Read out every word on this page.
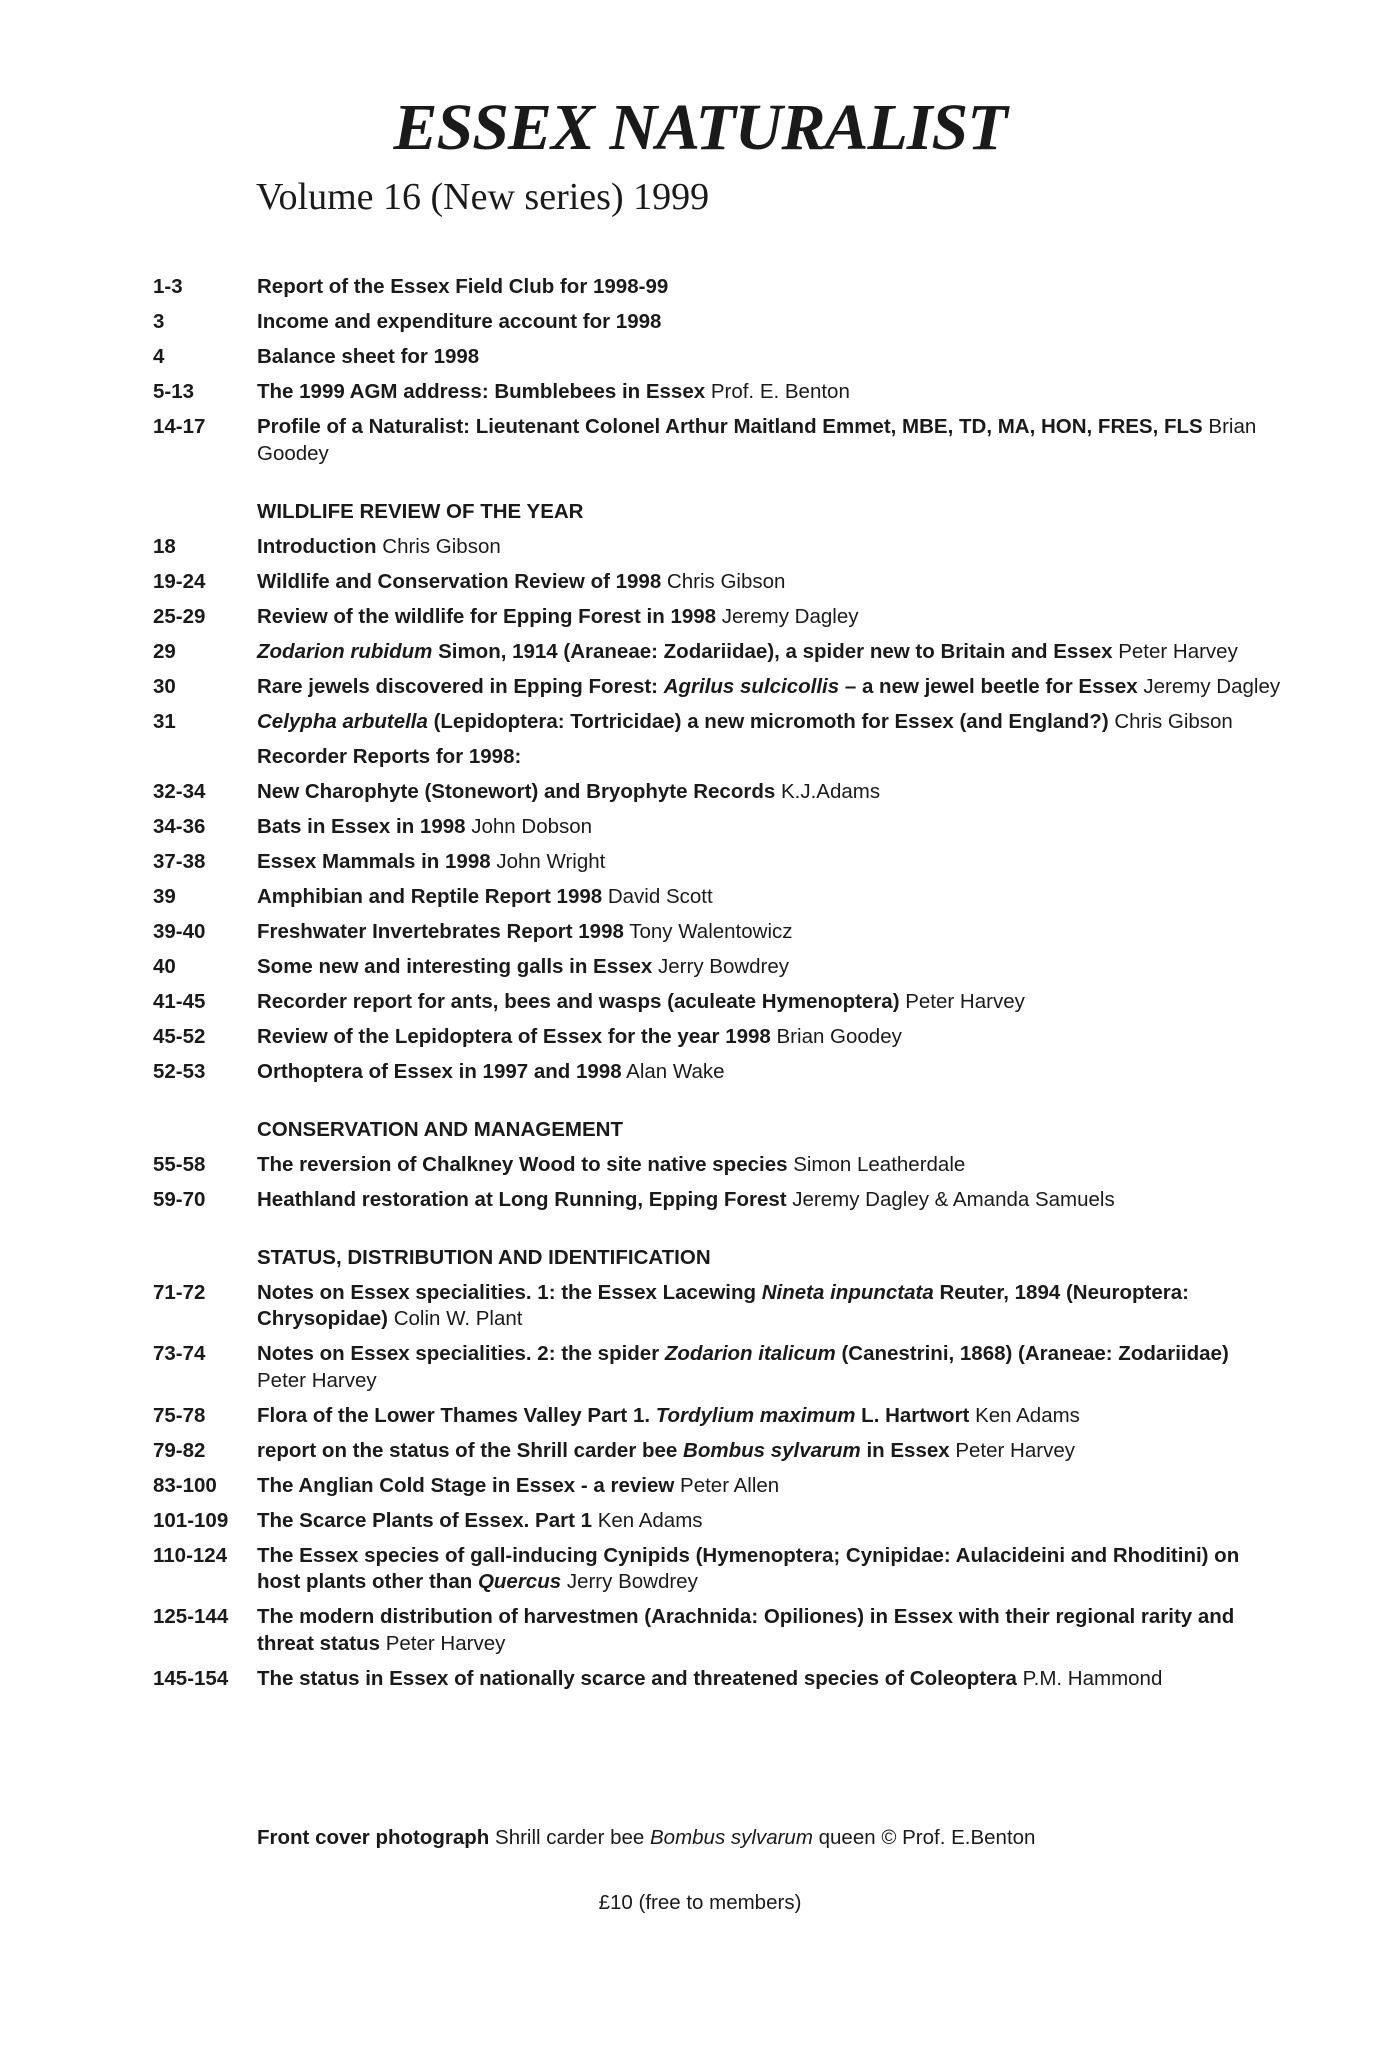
ESSEX NATURALIST
Volume 16 (New series) 1999
1-3	Report of the Essex Field Club for 1998-99
3	Income and expenditure account for 1998
4	Balance sheet for 1998
5-13	The 1999 AGM address: Bumblebees in Essex Prof. E. Benton
14-17	Profile of a Naturalist: Lieutenant Colonel Arthur Maitland Emmet, MBE, TD, MA, HON, FRES, FLS Brian Goodey
WILDLIFE REVIEW OF THE YEAR
18	Introduction Chris Gibson
19-24	Wildlife and Conservation Review of 1998 Chris Gibson
25-29	Review of the wildlife for Epping Forest in 1998 Jeremy Dagley
29	Zodarion rubidum Simon, 1914 (Araneae: Zodariidae), a spider new to Britain and Essex Peter Harvey
30	Rare jewels discovered in Epping Forest: Agrilus sulcicollis – a new jewel beetle for Essex Jeremy Dagley
31	Celypha arbutella (Lepidoptera: Tortricidae) a new micromoth for Essex (and England?) Chris Gibson
Recorder Reports for 1998:
32-34	New Charophyte (Stonewort) and Bryophyte Records K.J.Adams
34-36	Bats in Essex in 1998 John Dobson
37-38	Essex Mammals in 1998 John Wright
39	Amphibian and Reptile Report 1998 David Scott
39-40	Freshwater Invertebrates Report 1998 Tony Walentowicz
40	Some new and interesting galls in Essex Jerry Bowdrey
41-45	Recorder report for ants, bees and wasps (aculeate Hymenoptera) Peter Harvey
45-52	Review of the Lepidoptera of Essex for the year 1998 Brian Goodey
52-53	Orthoptera of Essex in 1997 and 1998 Alan Wake
CONSERVATION AND MANAGEMENT
55-58	The reversion of Chalkney Wood to site native species Simon Leatherdale
59-70	Heathland restoration at Long Running, Epping Forest Jeremy Dagley & Amanda Samuels
STATUS, DISTRIBUTION AND IDENTIFICATION
71-72	Notes on Essex specialities. 1: the Essex Lacewing Nineta inpunctata Reuter, 1894 (Neuroptera: Chrysopidae) Colin W. Plant
73-74	Notes on Essex specialities. 2: the spider Zodarion italicum (Canestrini, 1868) (Araneae: Zodariidae) Peter Harvey
75-78	Flora of the Lower Thames Valley Part 1. Tordylium maximum L. Hartwort Ken Adams
79-82	report on the status of the Shrill carder bee Bombus sylvarum in Essex Peter Harvey
83-100	The Anglian Cold Stage in Essex - a review Peter Allen
101-109	The Scarce Plants of Essex. Part 1 Ken Adams
110-124	The Essex species of gall-inducing Cynipids (Hymenoptera; Cynipidae: Aulacideini and Rhoditini) on host plants other than Quercus Jerry Bowdrey
125-144	The modern distribution of harvestmen (Arachnida: Opiliones) in Essex with their regional rarity and threat status Peter Harvey
145-154	The status in Essex of nationally scarce and threatened species of Coleoptera P.M. Hammond
Front cover photograph Shrill carder bee Bombus sylvarum queen © Prof. E.Benton
£10 (free to members)
